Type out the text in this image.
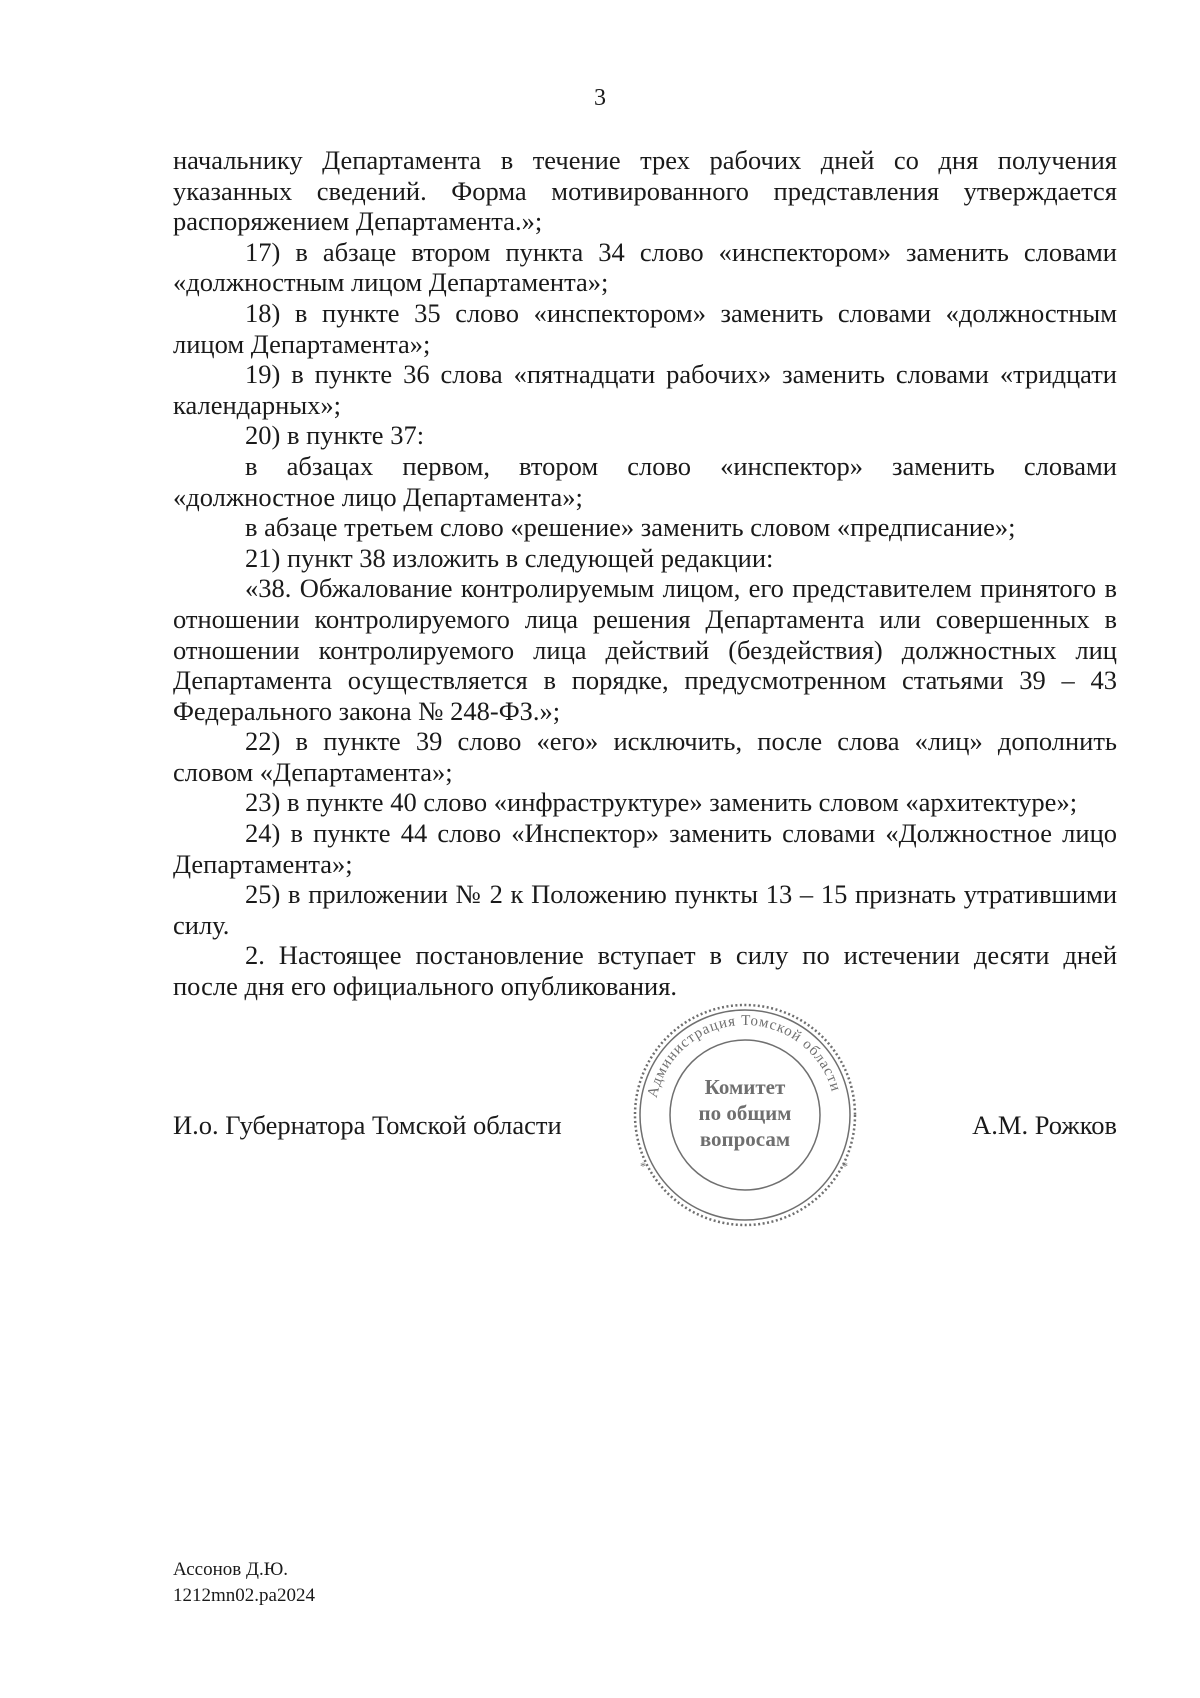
3

начальнику Департамента в течение трех рабочих дней со дня получения указанных сведений. Форма мотивированного представления утверждается распоряжением Департамента.»;

17) в абзаце втором пункта 34 слово «инспектором» заменить словами «должностным лицом Департамента»;

18) в пункте 35 слово «инспектором» заменить словами «должностным лицом Департамента»;

19) в пункте 36 слова «пятнадцати рабочих» заменить словами «тридцати календарных»;

20) в пункте 37:

в абзацах первом, втором слово «инспектор» заменить словами «должностное лицо Департамента»;

в абзаце третьем слово «решение» заменить словом «предписание»;

21) пункт 38 изложить в следующей редакции:

«38. Обжалование контролируемым лицом, его представителем принятого в отношении контролируемого лица решения Департамента или совершенных в отношении контролируемого лица действий (бездействия) должностных лиц Департамента осуществляется в порядке, предусмотренном статьями 39 – 43 Федерального закона № 248-ФЗ.»;

22) в пункте 39 слово «его» исключить, после слова «лиц» дополнить словом «Департамента»;

23) в пункте 40 слово «инфраструктуре» заменить словом «архитектуре»;

24) в пункте 44 слово «Инспектор» заменить словами «Должностное лицо Департамента»;

25) в приложении № 2 к Положению пункты 13 – 15 признать утратившими силу.

2. Настоящее постановление вступает в силу по истечении десяти дней после дня его официального опубликования.

И.о. Губернатора Томской области	А.М. Рожков
Администрация Томской области
*	*
Комитет
по общим
вопросам
Ассонов Д.Ю.
1212mn02.pa2024
